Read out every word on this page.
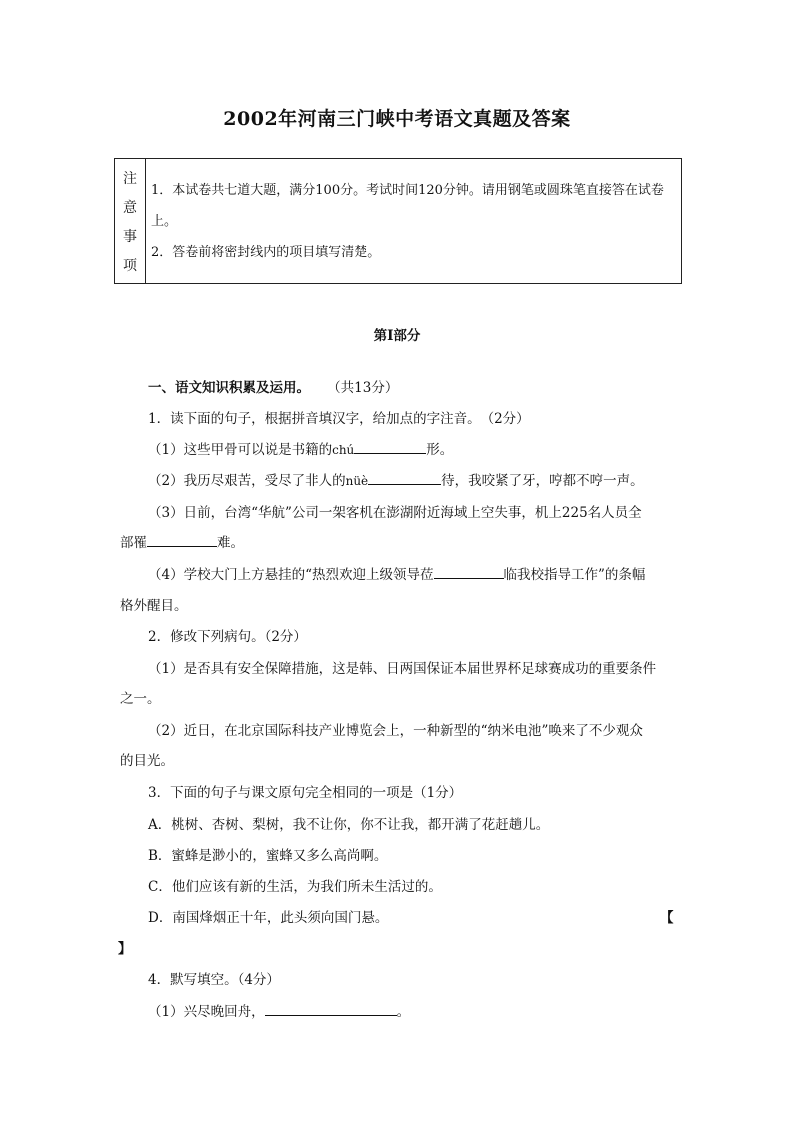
2002年河南三门峡中考语文真题及答案
注
意
事
项

1．本试卷共七道大题，满分100分。考试时间120分钟。请用钢笔或圆珠笔直接答在试卷上。

2．答卷前将密封线内的项目填写清楚。

第Ⅰ部分
一、语文知识积累及运用。 （共13分）
1．读下面的句子，根据拼音填汉字，给加点的字注音。　（2分）
（1）这些甲骨可以说是书籍的chú	形。
（2）我历尽艰苦，受尽了非人的nüè	待，我咬紧了牙，哼都不哼一声。
（3）日前，台湾“华航”公司一架客机在澎湖附近海域上空失事，机上225名人员全
部罹	难。
（4）学校大门上方悬挂的“热烈欢迎上级领导莅	临我校指导工作”的条幅
格外醒目。
2．修改下列病句。（2分）
（1）是否具有安全保障措施，这是韩、日两国保证本届世界杯足球赛成功的重要条件
之一。
（2）近日，在北京国际科技产业博览会上，一种新型的“纳米电池”唤来了不少观众
的目光。
3．下面的句子与课文原句完全相同的一项是（1分）
A．桃树、杏树、梨树，我不让你，你不让我，都开满了花赶趟儿。
B．蜜蜂是渺小的，蜜蜂又多么高尚啊。
C．他们应该有新的生活，为我们所未生活过的。
D．南国烽烟正十年，此头须向国门悬。	【
】
4．默写填空。（4分）
（1）兴尽晚回舟，	。
